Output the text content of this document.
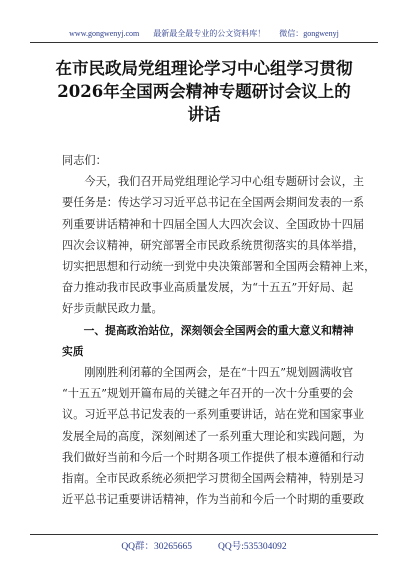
www.gongwenyj.com 最新最全最专业的公文资料库！ 微信：gongwenyj
在市民政局党组理论学习中心组学习贯彻
2026年全国两会精神专题研讨会议上的
讲话

同志们：

今天，我们召开局党组理论学习中心组专题研讨会议，主
要任务是：传达学习习近平总书记在全国两会期间发表的一系
列重要讲话精神和十四届全国人大四次会议、全国政协十四届
四次会议精神，研究部署全市民政系统贯彻落实的具体举措，
切实把思想和行动统一到党中央决策部署和全国两会精神上来，
奋力推动我市民政事业高质量发展，为“十五五”开好局、起
好步贡献民政力量。

一、提高政治站位，深刻领会全国两会的重大意义和精神
实质

刚刚胜利闭幕的全国两会，是在“十四五”规划圆满收官
“十五五”规划开篇布局的关键之年召开的一次十分重要的会
议。习近平总书记发表的一系列重要讲话，站在党和国家事业
发展全局的高度，深刻阐述了一系列重大理论和实践问题，为
我们做好当前和今后一个时期各项工作提供了根本遵循和行动
指南。全市民政系统必须把学习贯彻全国两会精神，特别是习
近平总书记重要讲话精神，作为当前和今后一个时期的重要政

QQ群：30265665	QQ号:535304092
